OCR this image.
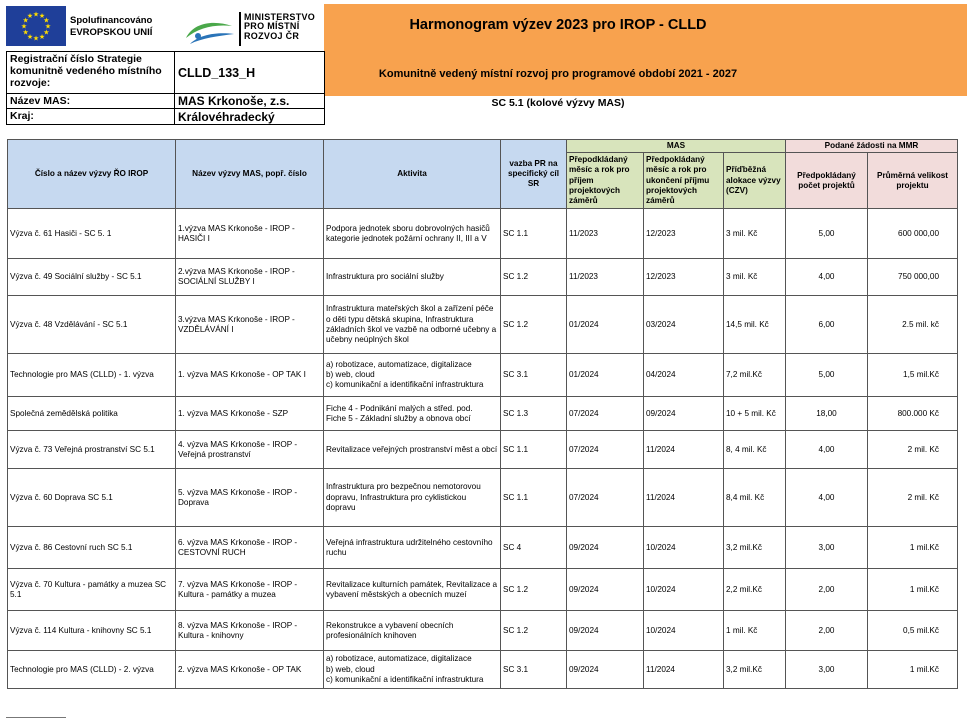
★
★
★
★
★
★
★
★
★ ★ ★
★ Spolufinancováno
EVROPSKOU UNIÍ
MINISTERSTVO
PRO MÍSTNÍ
ROZVOJ ČR
Harmonogram výzev 2023 pro IROP - CLLD
Komunitně vedený místní rozvoj pro programové období 2021 - 2027
SC 5.1 (kolové výzvy MAS)
Registrační číslo Strategie komunitně vedeného místního rozvoje:
CLLD_133_H
Název MAS:	MAS Krkonoše, z.s.
Kraj:	Královéhradecký
Číslo a název výzvy ŘO IROP	Název výzvy MAS, popř. číslo	Aktivita	vazba PR na specifický cíl SR	MAS			Podané žádosti na MMR	
				Přepodkládaný měsíc a rok pro příjem projektových záměrů	Předpokládaný měsíc a rok pro ukončení příjmu projektových záměrů	Příďběžná alokace výzvy (CZV)	Předpokládaný počet projektů	Průměrná velikost projektu
Výzva č. 61 Hasiči - SC 5. 1	1.výzva MAS Krkonoše - IROP - HASIČI I	Podpora jednotek sboru dobrovolných hasičů kategorie jednotek požární ochrany II, III a V	SC 1.1	11/2023	12/2023	3 mil. Kč	5,00	600 000,00
Výzva č. 49 Sociální služby - SC 5.1	2.výzva MAS Krkonoše - IROP - SOCIÁLNÍ SLUŽBY I	Infrastruktura pro sociální služby	SC 1.2	11/2023	12/2023	3 mil. Kč	4,00	750 000,00
Výzva č. 48 Vzdělávání - SC 5.1	3.výzva MAS Krkonoše - IROP - VZDĚLÁVÁNÍ I	Infrastruktura mateřských škol a zařízení péče o děti typu dětská skupina, Infrastruktura základních škol ve vazbě na odborné učebny a učebny neúplných škol	SC 1.2	01/2024	03/2024	14,5 mil. Kč	6,00	2.5 mil. kč
Technologie pro MAS (CLLD) - 1. výzva	1. výzva MAS Krkonoše - OP TAK I	a) robotizace, automatizace, digitalizace
b) web, cloud
c) komunikační a identifikační infrastruktura	SC 3.1	01/2024	04/2024	7,2 mil.Kč	5,00	1,5 mil.Kč
Společná zemědělská politika	1. výzva MAS Krkonoše - SZP	Fiche 4 - Podnikání malých a střed. pod.
Fiche 5 - Základní služby a obnova obcí	SC 1.3	07/2024	09/2024	10 + 5 mil. Kč	18,00	800.000 Kč
Výzva č. 73 Veřejná prostranství SC 5.1	4. výzva MAS Krkonoše - IROP - Veřejná prostranství	Revitalizace veřejných prostranství měst a obcí	SC 1.1	07/2024	11/2024	8, 4 mil. Kč	4,00	2 mil. Kč
Výzva č. 60 Doprava SC 5.1	5. výzva MAS Krkonoše - IROP - Doprava	Infrastruktura pro bezpečnou nemotorovou dopravu, Infrastruktura pro cyklistickou dopravu	SC 1.1	07/2024	11/2024	8,4 mil. Kč	4,00	2 mil. Kč
Výzva č. 86 Cestovní ruch SC 5.1	6. výzva MAS Krkonoše - IROP - CESTOVNÍ RUCH	Veřejná infrastruktura udržitelného cestovního ruchu	SC 4	09/2024	10/2024	3,2 mil.Kč	3,00	1 mil.Kč
Výzva č. 70 Kultura - památky a muzea SC 5.1	7. výzva MAS Krkonoše - IROP - Kultura - památky a muzea	Revitalizace kulturních památek, Revitalizace a vybavení městských a obecních muzeí	SC 1.2	09/2024	10/2024	2,2 mil.Kč	2,00	1 mil.Kč
Výzva č. 114 Kultura - knihovny SC 5.1	8. výzva MAS Krkonoše - IROP - Kultura - knihovny	Rekonstrukce a vybavení obecních profesionálních knihoven	SC 1.2	09/2024	10/2024	1 mil. Kč	2,00	0,5 mil.Kč
Technologie pro MAS (CLLD) - 2. výzva	2. výzva MAS Krkonoše - OP TAK	a) robotizace, automatizace, digitalizace
b) web, cloud
c) komunikační a identifikační infrastruktura	SC 3.1	09/2024	11/2024	3,2 mil.Kč	3,00	1 mil.Kč
